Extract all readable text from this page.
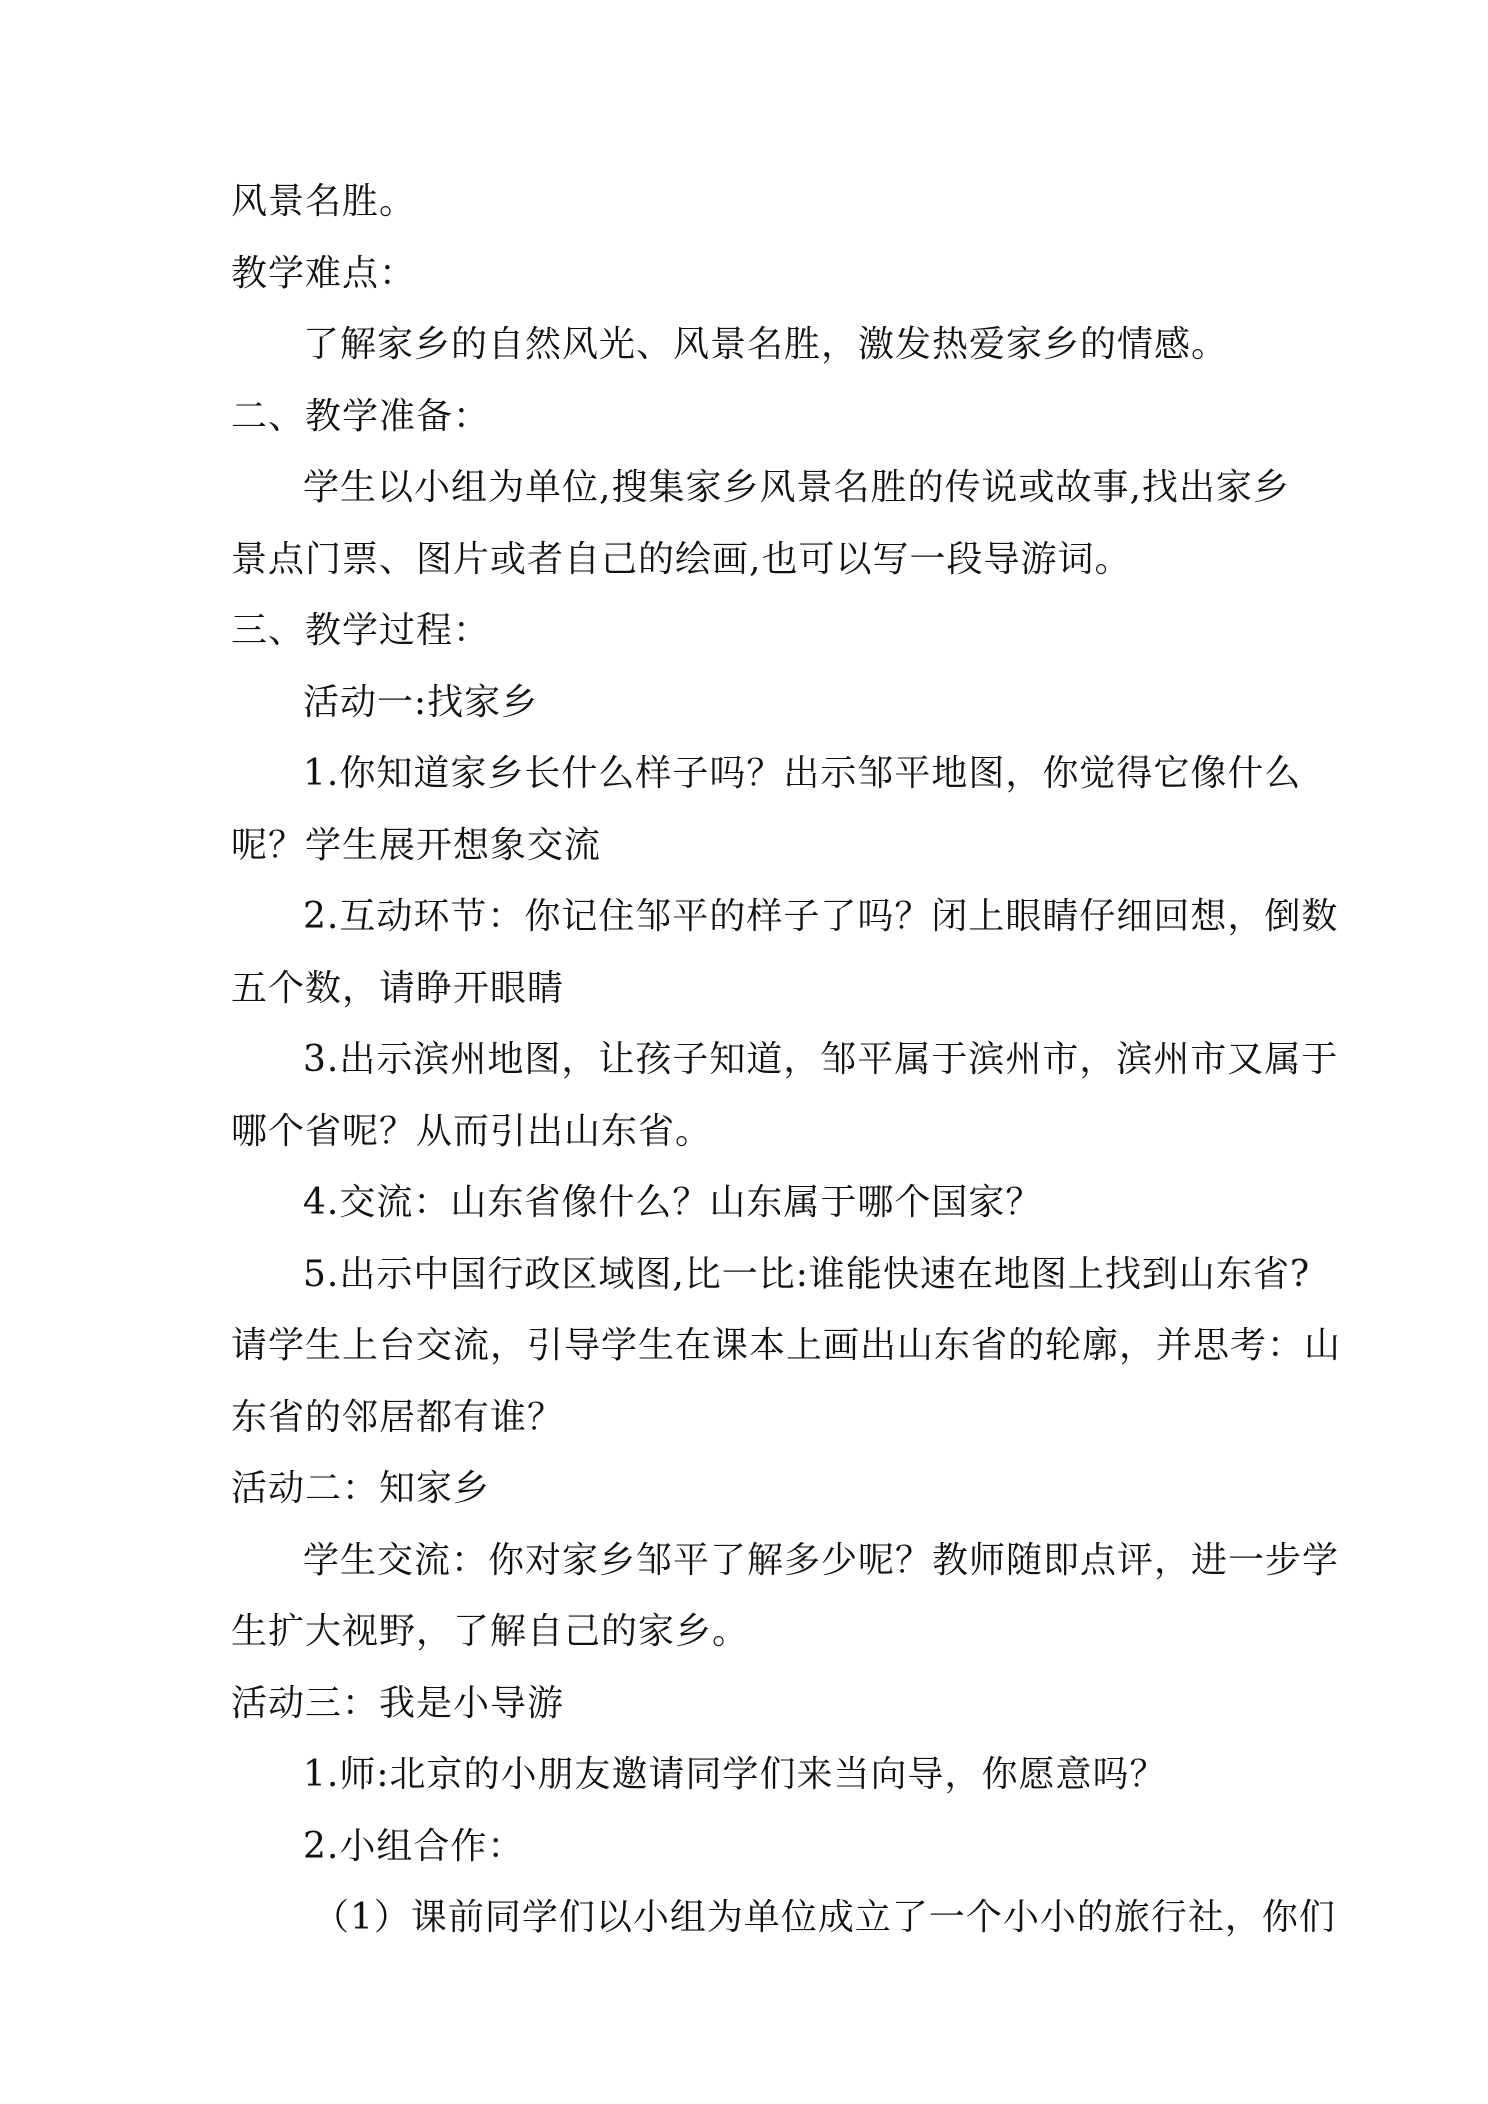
风景名胜。
教学难点：
了解家乡的自然风光、风景名胜，激发热爱家乡的情感。
二、教学准备：
学生以小组为单位,搜集家乡风景名胜的传说或故事,找出家乡
景点门票、图片或者自己的绘画,也可以写一段导游词。
三、教学过程：
活动一:找家乡
1.你知道家乡长什么样子吗？出示邹平地图，你觉得它像什么
呢？学生展开想象交流
2.互动环节：你记住邹平的样子了吗？闭上眼睛仔细回想，倒数
五个数，请睁开眼睛
3.出示滨州地图，让孩子知道，邹平属于滨州市，滨州市又属于
哪个省呢？从而引出山东省。
4.交流：山东省像什么？山东属于哪个国家？
5.出示中国行政区域图,比一比:谁能快速在地图上找到山东省?
请学生上台交流，引导学生在课本上画出山东省的轮廓，并思考：山
东省的邻居都有谁？
活动二：知家乡
学生交流：你对家乡邹平了解多少呢？教师随即点评，进一步学
生扩大视野，了解自己的家乡。
活动三：我是小导游
1.师:北京的小朋友邀请同学们来当向导，你愿意吗？
2.小组合作：
（1）课前同学们以小组为单位成立了一个小小的旅行社，你们
